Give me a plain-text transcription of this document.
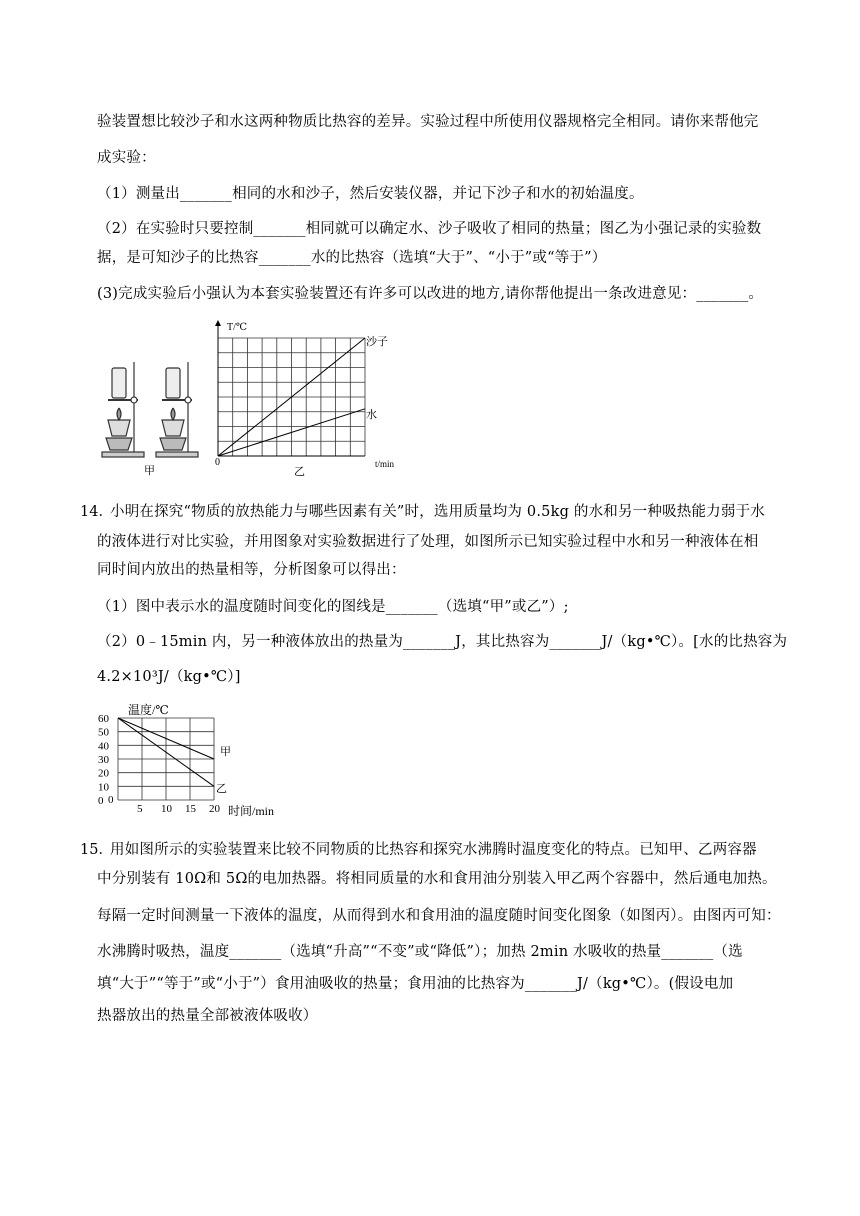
验装置想比较沙子和水这两种物质比热容的差异。实验过程中所使用仪器规格完全相同。请你来帮他完
成实验：
（1）测量出_______相同的水和沙子，然后安装仪器，并记下沙子和水的初始温度。
（2）在实验时只要控制_______相同就可以确定水、沙子吸收了相同的热量；图乙为小强记录的实验数
据，是可知沙子的比热容_______水的比热容（选填“大于”、“小于”或“等于”）
(3)完成实验后小强认为本套实验装置还有许多可以改进的地方,请你帮他提出一条改进意见：_______。
甲
T/℃
0	t/min
沙子
水
乙
14．
小明在探究“物质的放热能力与哪些因素有关”时，选用质量均为 0.5kg 的水和另一种吸热能力弱于水
的液体进行对比实验，并用图象对实验数据进行了处理，如图所示已知实验过程中水和另一种液体在相
同时间内放出的热量相等，分析图象可以得出：
（1）图中表示水的温度随时间变化的图线是_______（选填“甲”或乙”）;
（2）0﹣15min 内，另一种液体放出的热量为_______J，其比热容为_______J/（kg•℃）。[水的比热容为
4.2×10³J/（kg•℃）]
温度/℃
60
50
40
30
20
10
0 0
5 10 15 20 时间/min
甲
乙
15．
用如图所示的实验装置来比较不同物质的比热容和探究水沸腾时温度变化的特点。已知甲、乙两容器
中分别装有 10Ω和 5Ω的电加热器。将相同质量的水和食用油分别装入甲乙两个容器中，然后通电加热。
每隔一定时间测量一下液体的温度，从而得到水和食用油的温度随时间变化图象（如图丙）。由图丙可知：
水沸腾时吸热，温度_______（选填“升高”“不变”或“降低”）；加热 2min 水吸收的热量_______（选
填“大于”“等于”或“小于”）食用油吸收的热量；食用油的比热容为_______J/（kg•℃）。(假设电加
热器放出的热量全部被液体吸收）
